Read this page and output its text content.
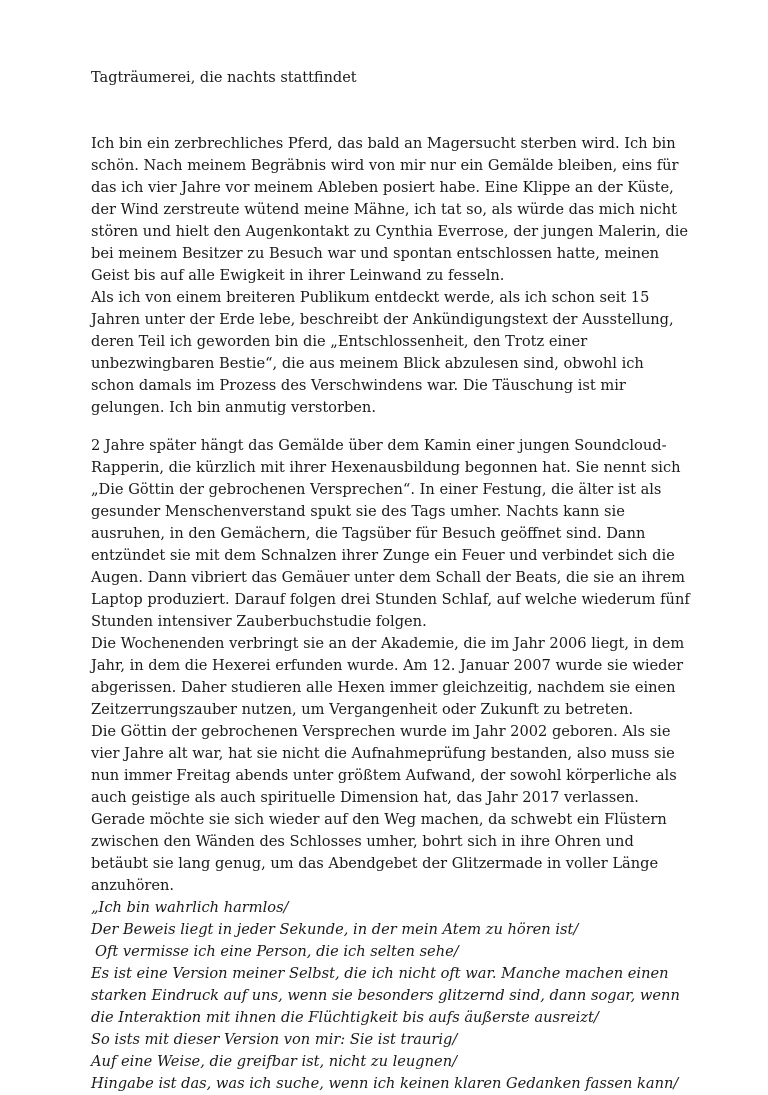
Tagträumerei, die nachts stattfindet

Ich bin ein zerbrechliches Pferd, das bald an Magersucht sterben wird. Ich bin schön. Nach meinem Begräbnis wird von mir nur ein Gemälde bleiben, eins für das ich vier Jahre vor meinem Ableben posiert habe. Eine Klippe an der Küste, der Wind zerstreute wütend meine Mähne, ich tat so, als würde das mich nicht stören und hielt den Augenkontakt zu Cynthia Everrose, der jungen Malerin, die bei meinem Besitzer zu Besuch war und spontan entschlossen hatte, meinen Geist bis auf alle Ewigkeit in ihrer Leinwand zu fesseln.

Als ich von einem breiteren Publikum entdeckt werde, als ich schon seit 15 Jahren unter der Erde lebe, beschreibt der Ankündigungstext der Ausstellung, deren Teil ich geworden bin die „Entschlossenheit, den Trotz einer unbezwingbaren Bestie“, die aus meinem Blick abzulesen sind, obwohl ich schon damals im Prozess des Verschwindens war. Die Täuschung ist mir gelungen. Ich bin anmutig verstorben.

2 Jahre später hängt das Gemälde über dem Kamin einer jungen Soundcloud-Rapperin, die kürzlich mit ihrer Hexenausbildung begonnen hat. Sie nennt sich „Die Göttin der gebrochenen Versprechen“. In einer Festung, die älter ist als gesunder Menschenverstand spukt sie des Tags umher. Nachts kann sie ausruhen, in den Gemächern, die Tagsüber für Besuch geöffnet sind. Dann entzündet sie mit dem Schnalzen ihrer Zunge ein Feuer und verbindet sich die Augen. Dann vibriert das Gemäuer unter dem Schall der Beats, die sie an ihrem Laptop produziert. Darauf folgen drei Stunden Schlaf, auf welche wiederum fünf Stunden intensiver Zauberbuchstudie folgen.

Die Wochenenden verbringt sie an der Akademie, die im Jahr 2006 liegt, in dem Jahr, in dem die Hexerei erfunden wurde. Am 12. Januar 2007 wurde sie wieder abgerissen. Daher studieren alle Hexen immer gleichzeitig, nachdem sie einen Zeitzerrungszauber nutzen, um Vergangenheit oder Zukunft zu betreten.

Die Göttin der gebrochenen Versprechen wurde im Jahr 2002 geboren. Als sie vier Jahre alt war, hat sie nicht die Aufnahmeprüfung bestanden, also muss sie nun immer Freitag abends unter größtem Aufwand, der sowohl körperliche als auch geistige als auch spirituelle Dimension hat, das Jahr 2017 verlassen.

Gerade möchte sie sich wieder auf den Weg machen, da schwebt ein Flüstern zwischen den Wänden des Schlosses umher, bohrt sich in ihre Ohren und betäubt sie lang genug, um das Abendgebet der Glitzermade in voller Länge anzuhören.

„Ich bin wahrlich harmlos/
Der Beweis liegt in jeder Sekunde, in der mein Atem zu hören ist/
Oft vermisse ich eine Person, die ich selten sehe/
Es ist eine Version meiner Selbst, die ich nicht oft war. Manche machen einen starken Eindruck auf uns, wenn sie besonders glitzernd sind, dann sogar, wenn die Interaktion mit ihnen die Flüchtigkeit bis aufs äußerste ausreizt/
So ists mit dieser Version von mir: Sie ist traurig/
Auf eine Weise, die greifbar ist, nicht zu leugnen/
Hingabe ist das, was ich suche, wenn ich keinen klaren Gedanken fassen kann/
